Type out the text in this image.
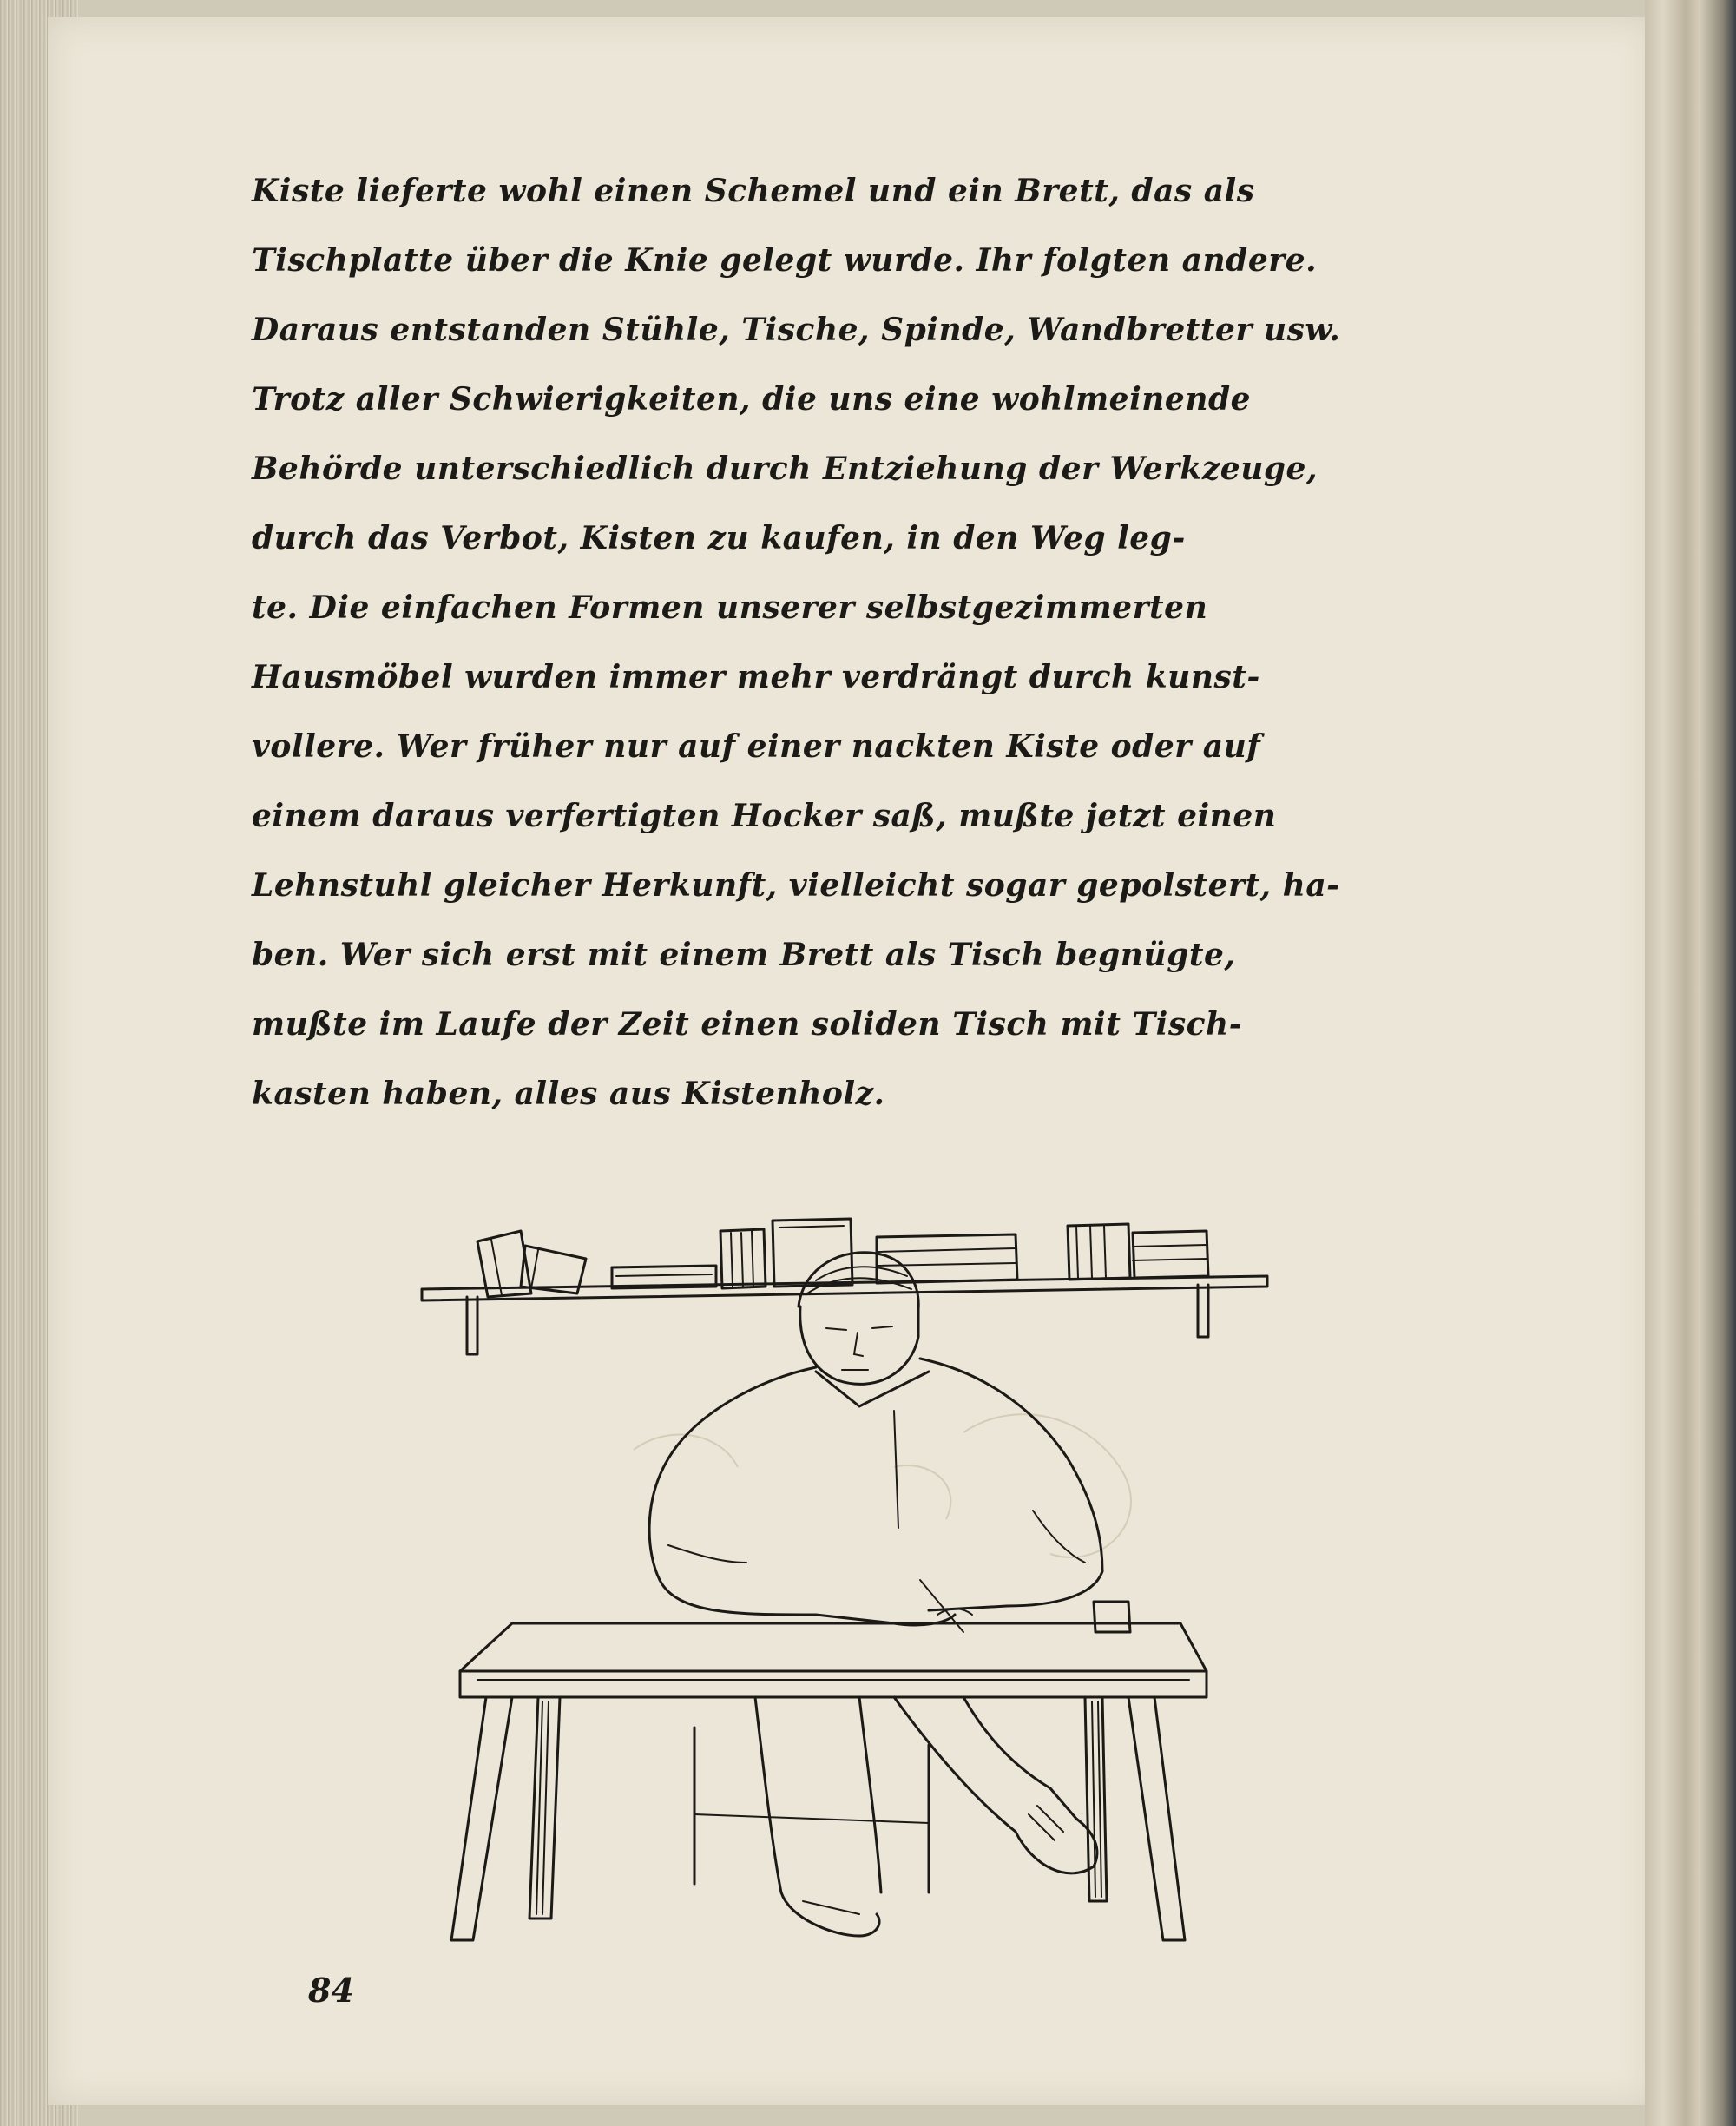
Kiste lieferte wohl einen Schemel und ein Brett, das als
Tischplatte über die Knie gelegt wurde. Ihr folgten andere.
Daraus entstanden Stühle, Tische, Spinde, Wandbretter usw.
Trotz aller Schwierigkeiten, die uns eine wohlmeinende
Behörde unterschiedlich durch Entziehung der Werkzeuge,
durch das Verbot, Kisten zu kaufen, in den Weg leg-
te. Die einfachen Formen unserer selbstgezimmerten
Hausmöbel wurden immer mehr verdrängt durch kunst-
vollere. Wer früher nur auf einer nackten Kiste oder auf
einem daraus verfertigten Hocker saß, mußte jetzt einen
Lehnstuhl gleicher Herkunft, vielleicht sogar gepolstert, ha-
ben. Wer sich erst mit einem Brett als Tisch begnügte,
mußte im Laufe der Zeit einen soliden Tisch mit Tisch-
kasten haben, alles aus Kistenholz.
84
